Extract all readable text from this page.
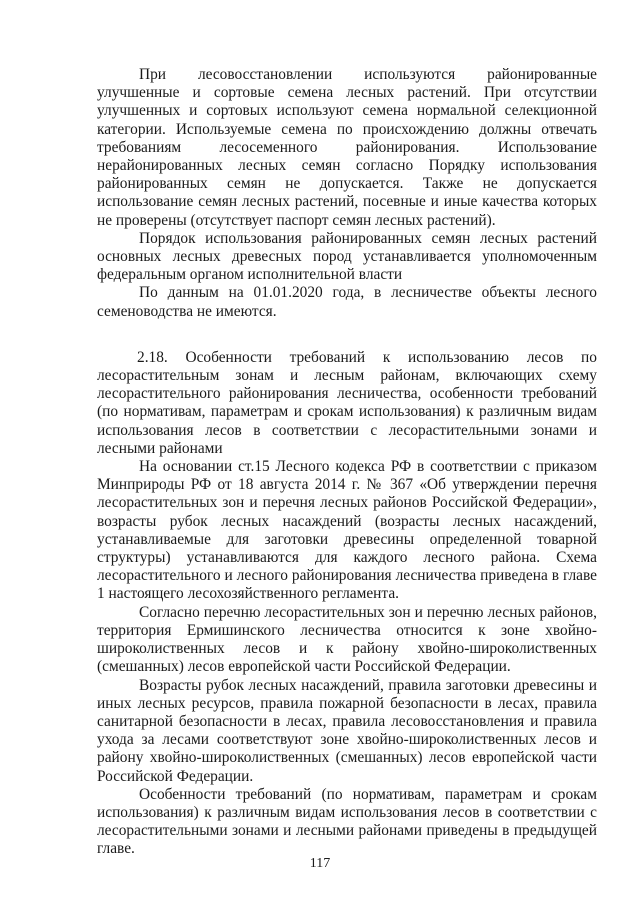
При лесовосстановлении используются районированные улучшенные и сортовые семена лесных растений. При отсутствии улучшенных и сортовых используют семена нормальной селекционной категории. Используемые семена по происхождению должны отвечать требованиям лесосеменного районирования. Использование нерайонированных лесных семян согласно Порядку использования районированных семян не допускается. Также не допускается использование семян лесных растений, посевные и иные качества которых не проверены (отсутствует паспорт семян лесных растений).

Порядок использования районированных семян лесных растений основных лесных древесных пород устанавливается уполномоченным федеральным органом исполнительной власти

По данным на 01.01.2020 года, в лесничестве объекты лесного семеноводства не имеются.

2.18. Особенности требований к использованию лесов по лесорастительным зонам и лесным районам, включающих схему лесорастительного районирования лесничества, особенности требований (по нормативам, параметрам и срокам использования) к различным видам использования лесов в соответствии с лесорастительными зонами и лесными районами

На основании ст.15 Лесного кодекса РФ в соответствии с приказом Минприроды РФ от 18 августа 2014 г. № 367 «Об утверждении перечня лесорастительных зон и перечня лесных районов Российской Федерации», возрасты рубок лесных насаждений (возрасты лесных насаждений, устанавливаемые для заготовки древесины определенной товарной структуры) устанавливаются для каждого лесного района. Схема лесорастительного и лесного районирования лесничества приведена в главе 1 настоящего лесохозяйственного регламента.

Согласно перечню лесорастительных зон и перечню лесных районов, территория Ермишинского лесничества относится к зоне хвойно-широколиственных лесов и к району хвойно-широколиственных (смешанных) лесов европейской части Российской Федерации.

Возрасты рубок лесных насаждений, правила заготовки древесины и иных лесных ресурсов, правила пожарной безопасности в лесах, правила санитарной безопасности в лесах, правила лесовосстановления и правила ухода за лесами соответствуют зоне хвойно-широколиственных лесов и району хвойно-широколиственных (смешанных) лесов европейской части Российской Федерации.

Особенности требований (по нормативам, параметрам и срокам использования) к различным видам использования лесов в соответствии с лесорастительными зонами и лесными районами приведены в предыдущей главе.

117
